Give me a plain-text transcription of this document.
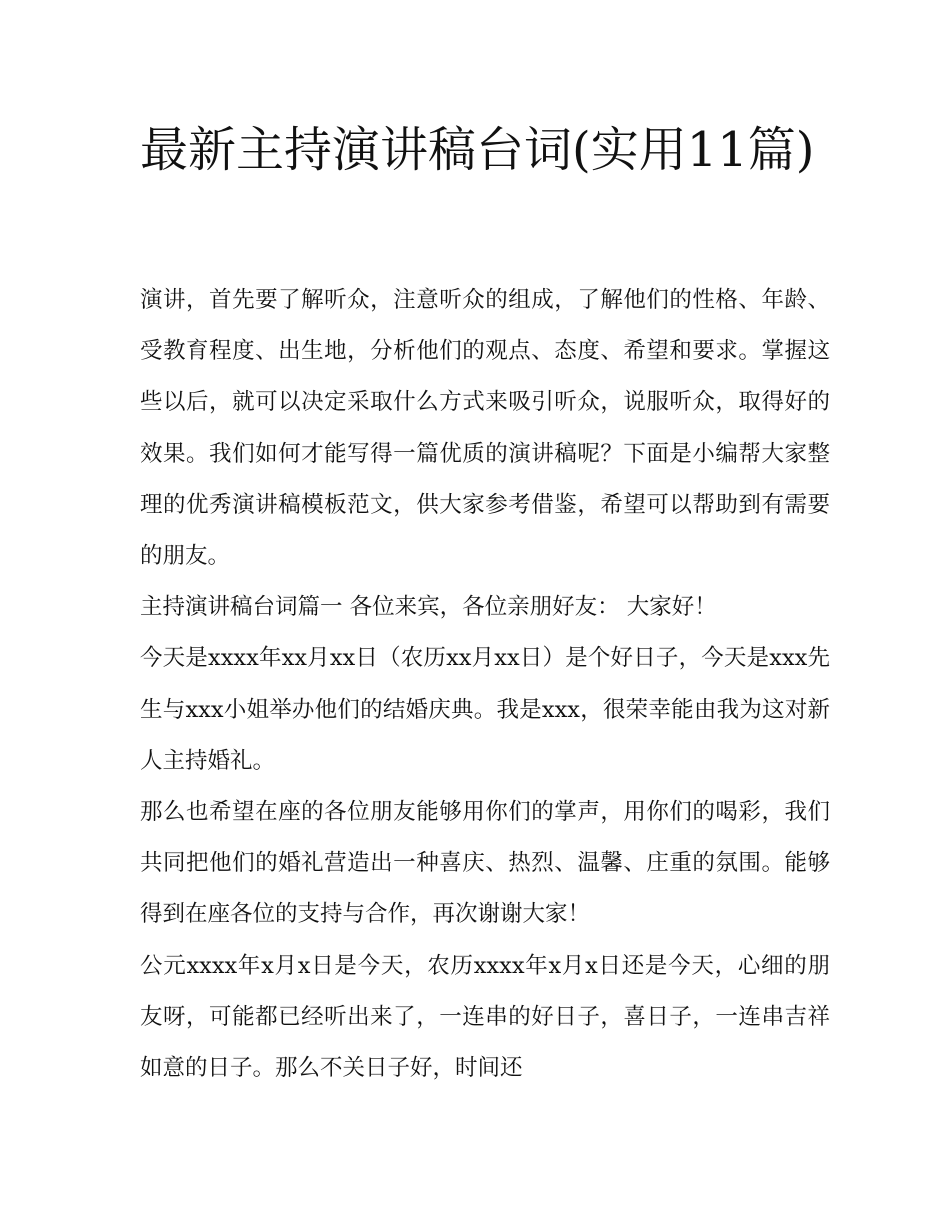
最新主持演讲稿台词(实用11篇)

演讲，首先要了解听众，注意听众的组成，了解他们的性格、年龄、受教育程度、出生地，分析他们的观点、态度、希望和要求。掌握这些以后，就可以决定采取什么方式来吸引听众，说服听众，取得好的效果。我们如何才能写得一篇优质的演讲稿呢？下面是小编帮大家整理的优秀演讲稿模板范文，供大家参考借鉴，希望可以帮助到有需要的朋友。

主持演讲稿台词篇一 各位来宾，各位亲朋好友： 大家好！

今天是xxxx年xx月xx日（农历xx月xx日）是个好日子，今天是xxx先生与xxx小姐举办他们的结婚庆典。我是xxx，很荣幸能由我为这对新人主持婚礼。

那么也希望在座的各位朋友能够用你们的掌声，用你们的喝彩，我们共同把他们的婚礼营造出一种喜庆、热烈、温馨、庄重的氛围。能够得到在座各位的支持与合作，再次谢谢大家！

公元xxxx年x月x日是今天，农历xxxx年x月x日还是今天，心细的朋友呀，可能都已经听出来了，一连串的好日子，喜日子，一连串吉祥如意的日子。那么不关日子好，时间还
